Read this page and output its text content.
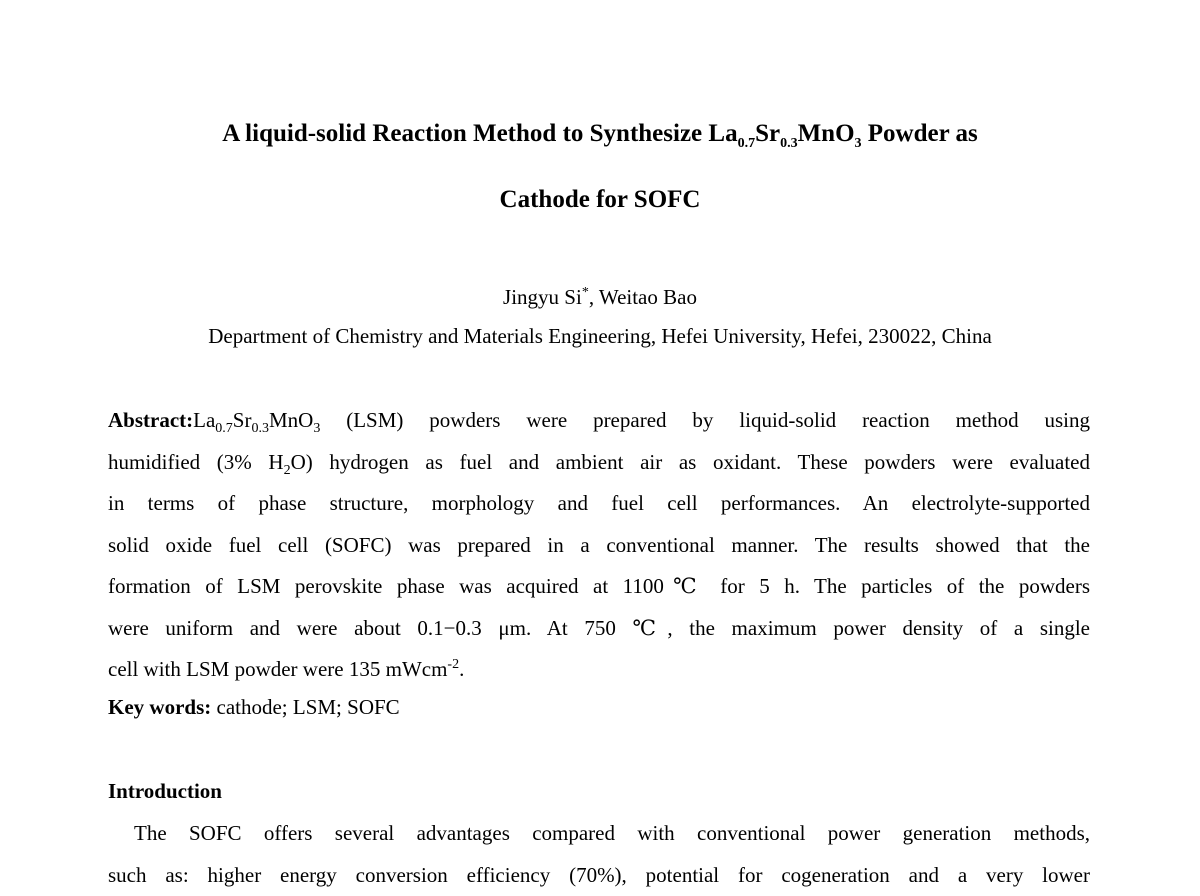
A liquid-solid Reaction Method to Synthesize $La_{0.7}Sr_{0.3}MnO_3$ Powder as
Cathode for SOFC
Jingyu Si*, Weitao Bao
Department of Chemistry and Materials Engineering, Hefei University, Hefei, 230022, China
$Abstract:La_{0.7}Sr_{0.3}MnO_3$ (LSM) powders were prepared by liquid-solid reaction method using
humidified (3% $H_2O$) hydrogen as fuel and ambient air as oxidant. These powders were evaluated
in terms of phase structure, morphology and fuel cell performances. An electrolyte-supported
solid oxide fuel cell (SOFC) was prepared in a conventional manner. The results showed that the
formation of LSM perovskite phase was acquired at 1100℃ for 5 h. The particles of the powders
were uniform and were about 0.1−0.3 μm. At 750 ℃, the maximum power density of a single
cell with LSM powder were 135 mWcm$^{-2}$.
Key words: cathode; LSM; SOFC
Introduction
The SOFC offers several advantages compared with conventional power generation methods,
such as: higher energy conversion efficiency (70%), potential for cogeneration and a very lower
